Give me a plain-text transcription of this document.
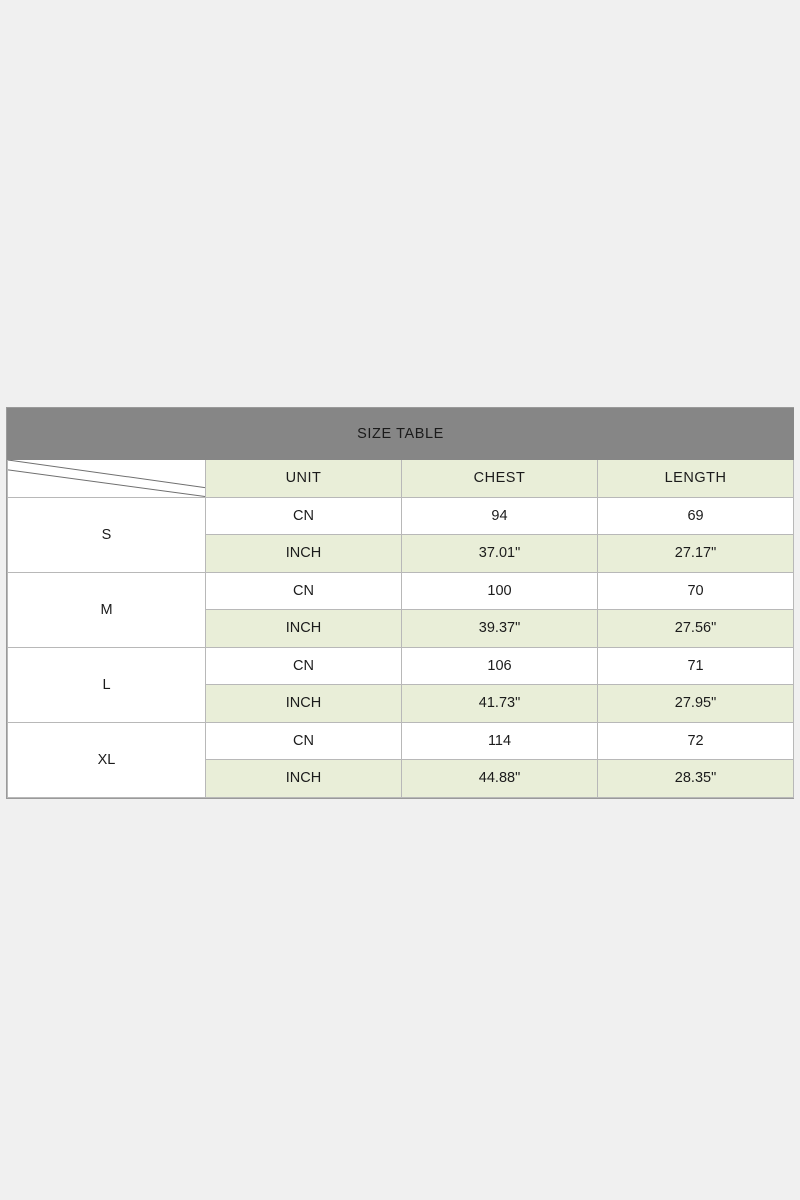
SIZE TABLE			

	UNIT	CHEST	LENGTH
S	CN	94	69
	INCH	37.01"	27.17"
M	CN	100	70
	INCH	39.37"	27.56"
L	CN	106	71
	INCH	41.73"	27.95"
XL	CN	114	72
	INCH	44.88"	28.35"
